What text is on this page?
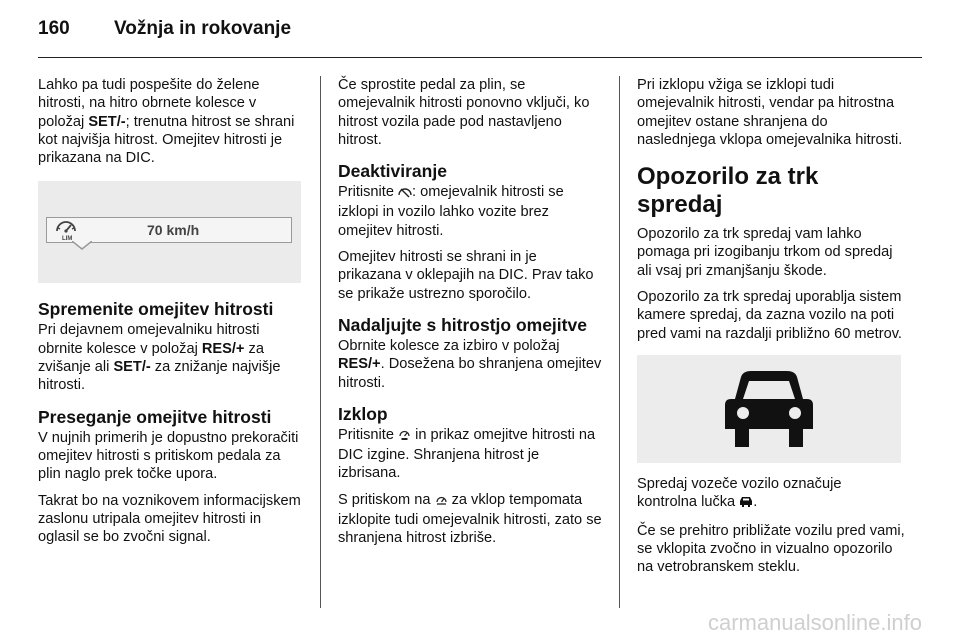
160	Vožnja in rokovanje

Lahko pa tudi pospešite do želene hitrosti, na hitro obrnete kolesce v položaj SET/-; trenutna hitrost se shrani kot najvišja hitrost. Omejitev hitrosti je prikazana na DIC.

LIM
70 km/h
Spremenite omejitev hitrosti

Pri dejavnem omejevalniku hitrosti obrnite kolesce v položaj RES/+ za zvišanje ali SET/- za znižanje najvišje hitrosti.

Preseganje omejitve hitrosti

V nujnih primerih je dopustno prekoračiti omejitev hitrosti s pritiskom pedala za plin naglo prek točke upora.

Takrat bo na voznikovem informacijskem zaslonu utripala omejitev hitrosti in oglasil se bo zvočni signal.

Če sprostite pedal za plin, se omejevalnik hitrosti ponovno vključi, ko hitrost vozila pade pod nastavljeno hitrost.

Deaktiviranje

Pritisnite : omejevalnik hitrosti se izklopi in vozilo lahko vozite brez omejitev hitrosti.

Omejitev hitrosti se shrani in je prikazana v oklepajih na DIC. Prav tako se prikaže ustrezno sporočilo.

Nadaljujte s hitrostjo omejitve

Obrnite kolesce za izbiro v položaj RES/+. Dosežena bo shranjena omejitev hitrosti.

Izklop

Pritisnite  in prikaz omejitve hitrosti na DIC izgine. Shranjena hitrost je izbrisana.

S pritiskom na  za vklop tempomata izklopite tudi omejevalnik hitrosti, zato se shranjena hitrost izbriše.

Pri izklopu vžiga se izklopi tudi omejevalnik hitrosti, vendar pa hitrostna omejitev ostane shranjena do naslednjega vklopa omejevalnika hitrosti.

Opozorilo za trk spredaj

Opozorilo za trk spredaj vam lahko pomaga pri izogibanju trkom od spredaj ali vsaj pri zmanjšanju škode.

Opozorilo za trk spredaj uporablja sistem kamere spredaj, da zazna vozilo na poti pred vami na razdalji približno 60 metrov.

Spredaj vozeče vozilo označuje kontrolna lučka .

Če se prehitro približate vozilu pred vami, se vklopita zvočno in vizualno opozorilo na vetrobranskem steklu.

carmanualsonline.info
